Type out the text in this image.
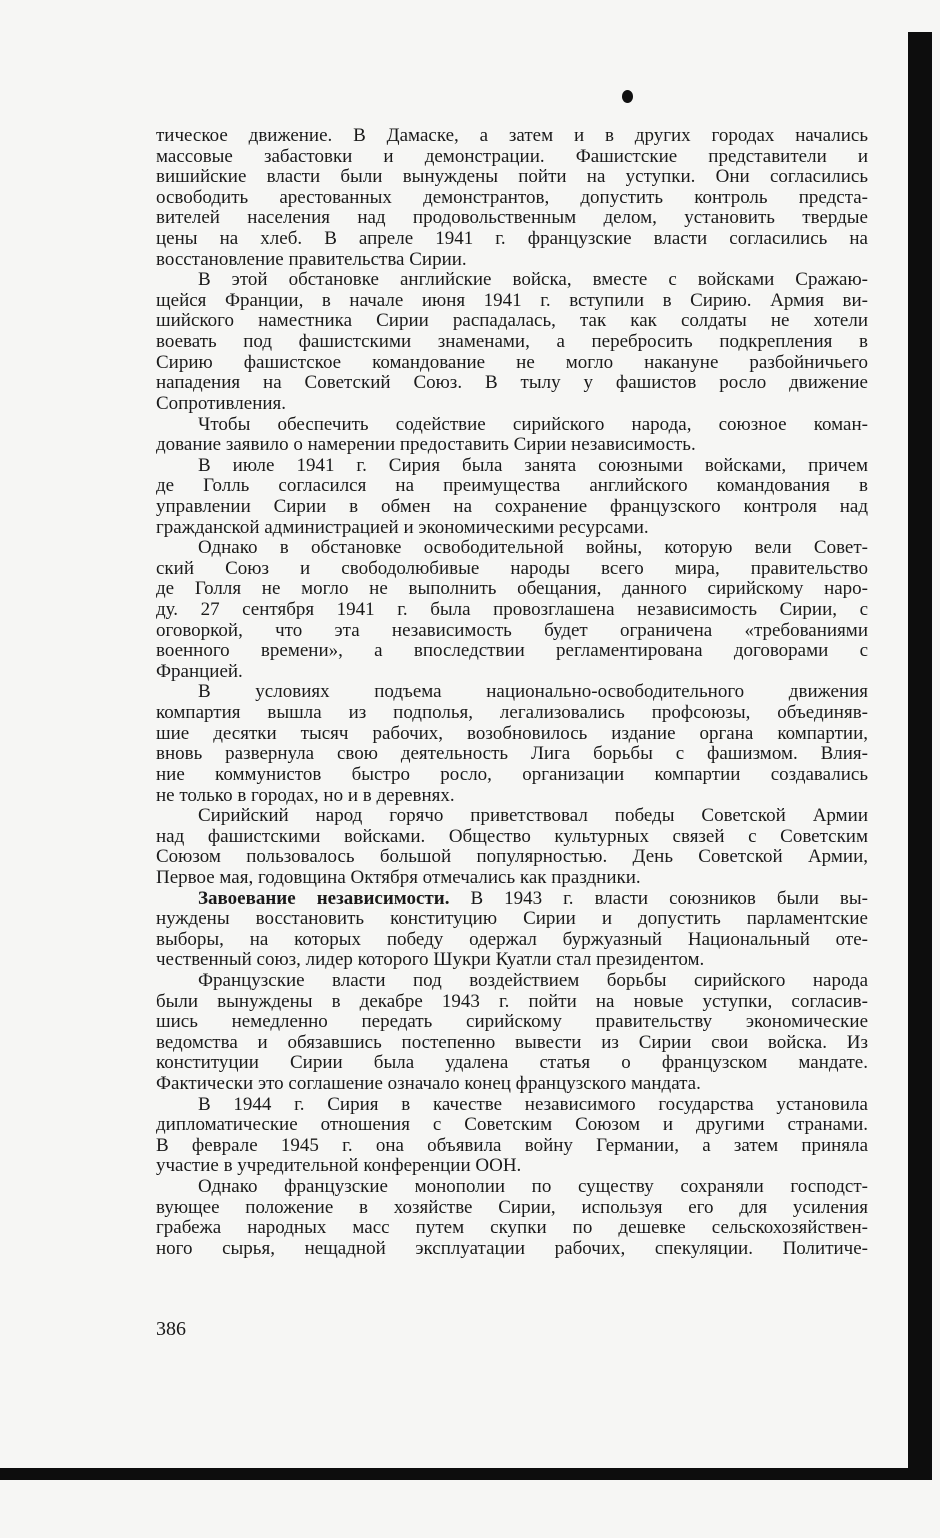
тическое движение. В Дамаске, а затем и в других городах начались
массовые забастовки и демонстрации. Фашистские представители и
вишийские власти были вынуждены пойти на уступки. Они согласились
освободить арестованных демонстрантов, допустить контроль предста-
вителей населения над продовольственным делом, установить твердые
цены на хлеб. В апреле 1941 г. французские власти согласились на
восстановление правительства Сирии.
В этой обстановке английские войска, вместе с войсками Сражаю-
щейся Франции, в начале июня 1941 г. вступили в Сирию. Армия ви-
шийского наместника Сирии распадалась, так как солдаты не хотели
воевать под фашистскими знаменами, а перебросить подкрепления в
Сирию фашистское командование не могло накануне разбойничьего
нападения на Советский Союз. В тылу у фашистов росло движение
Сопротивления.
Чтобы обеспечить содействие сирийского народа, союзное коман-
дование заявило о намерении предоставить Сирии независимость.
В июле 1941 г. Сирия была занята союзными войсками, причем
де Голль согласился на преимущества английского командования в
управлении Сирии в обмен на сохранение французского контроля над
гражданской администрацией и экономическими ресурсами.
Однако в обстановке освободительной войны, которую вели Совет-
ский Союз и свободолюбивые народы всего мира, правительство
де Голля не могло не выполнить обещания, данного сирийскому наро-
ду. 27 сентября 1941 г. была провозглашена независимость Сирии, с
оговоркой, что эта независимость будет ограничена «требованиями
военного времени», а впоследствии регламентирована договорами с
Францией.
В условиях подъема национально-освободительного движения
компартия вышла из подполья, легализовались профсоюзы, объединяв-
шие десятки тысяч рабочих, возобновилось издание органа компартии,
вновь развернула свою деятельность Лига борьбы с фашизмом. Влия-
ние коммунистов быстро росло, организации компартии создавались
не только в городах, но и в деревнях.
Сирийский народ горячо приветствовал победы Советской Армии
над фашистскими войсками. Общество культурных связей с Советским
Союзом пользовалось большой популярностью. День Советской Армии,
Первое мая, годовщина Октября отмечались как праздники.
Завоевание независимости. В 1943 г. власти союзников были вы-
нуждены восстановить конституцию Сирии и допустить парламентские
выборы, на которых победу одержал буржуазный Национальный оте-
чественный союз, лидер которого Шукри Куатли стал президентом.
Французские власти под воздействием борьбы сирийского народа
были вынуждены в декабре 1943 г. пойти на новые уступки, согласив-
шись немедленно передать сирийскому правительству экономические
ведомства и обязавшись постепенно вывести из Сирии свои войска. Из
конституции Сирии была удалена статья о французском мандате.
Фактически это соглашение означало конец французского мандата.
В 1944 г. Сирия в качестве независимого государства установила
дипломатические отношения с Советским Союзом и другими странами.
В феврале 1945 г. она объявила войну Германии, а затем приняла
участие в учредительной конференции ООН.
Однако французские монополии по существу сохраняли господст-
вующее положение в хозяйстве Сирии, используя его для усиления
грабежа народных масс путем скупки по дешевке сельскохозяйствен-
ного сырья, нещадной эксплуатации рабочих, спекуляции. Политиче-
386
